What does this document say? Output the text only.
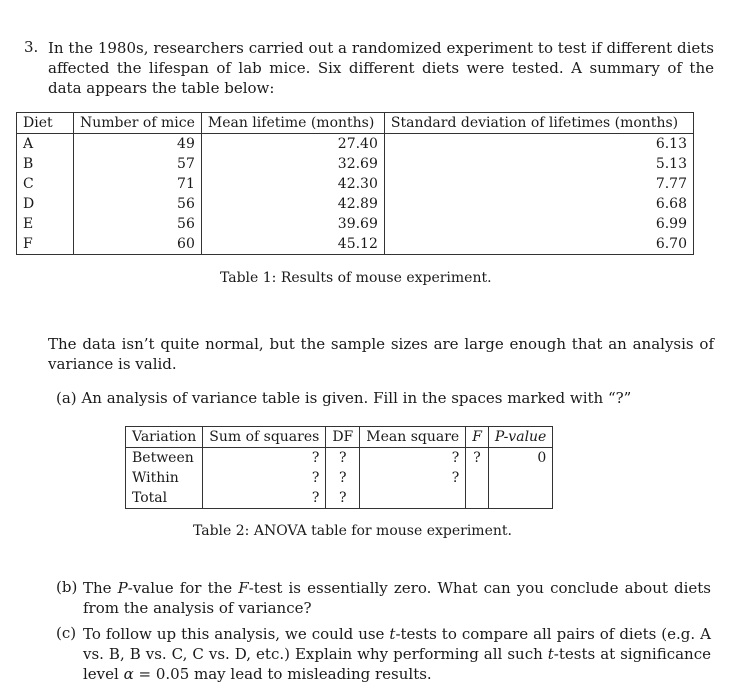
3. In the 1980s, researchers carried out a randomized experiment to test if different diets affected the lifespan of lab mice. Six different diets were tested. A summary of the data appears the table below:
Diet	Number of mice	Mean lifetime (months)	Standard deviation of lifetimes (months)
A	49	27.40	6.13
B	57	32.69	5.13
C	71	42.30	7.77
D	56	42.89	6.68
E	56	39.69	6.99
F	60	45.12	6.70
Table 1: Results of mouse experiment.
The data isn’t quite normal, but the sample sizes are large enough that an analysis of variance is valid.
(a) An analysis of variance table is given. Fill in the spaces marked with “?”
Variation	Sum of squares	DF	Mean square	F	P-value
Between	?	?	?	?	0
Within	?	?	?		
Total	?	?			
Table 2: ANOVA table for mouse experiment.
(b) The P-value for the F-test is essentially zero. What can you conclude about diets from the analysis of variance?
(c) To follow up this analysis, we could use t-tests to compare all pairs of diets (e.g. A vs. B, B vs. C, C vs. D, etc.) Explain why performing all such t-tests at significance level α = 0.05 may lead to misleading results.
